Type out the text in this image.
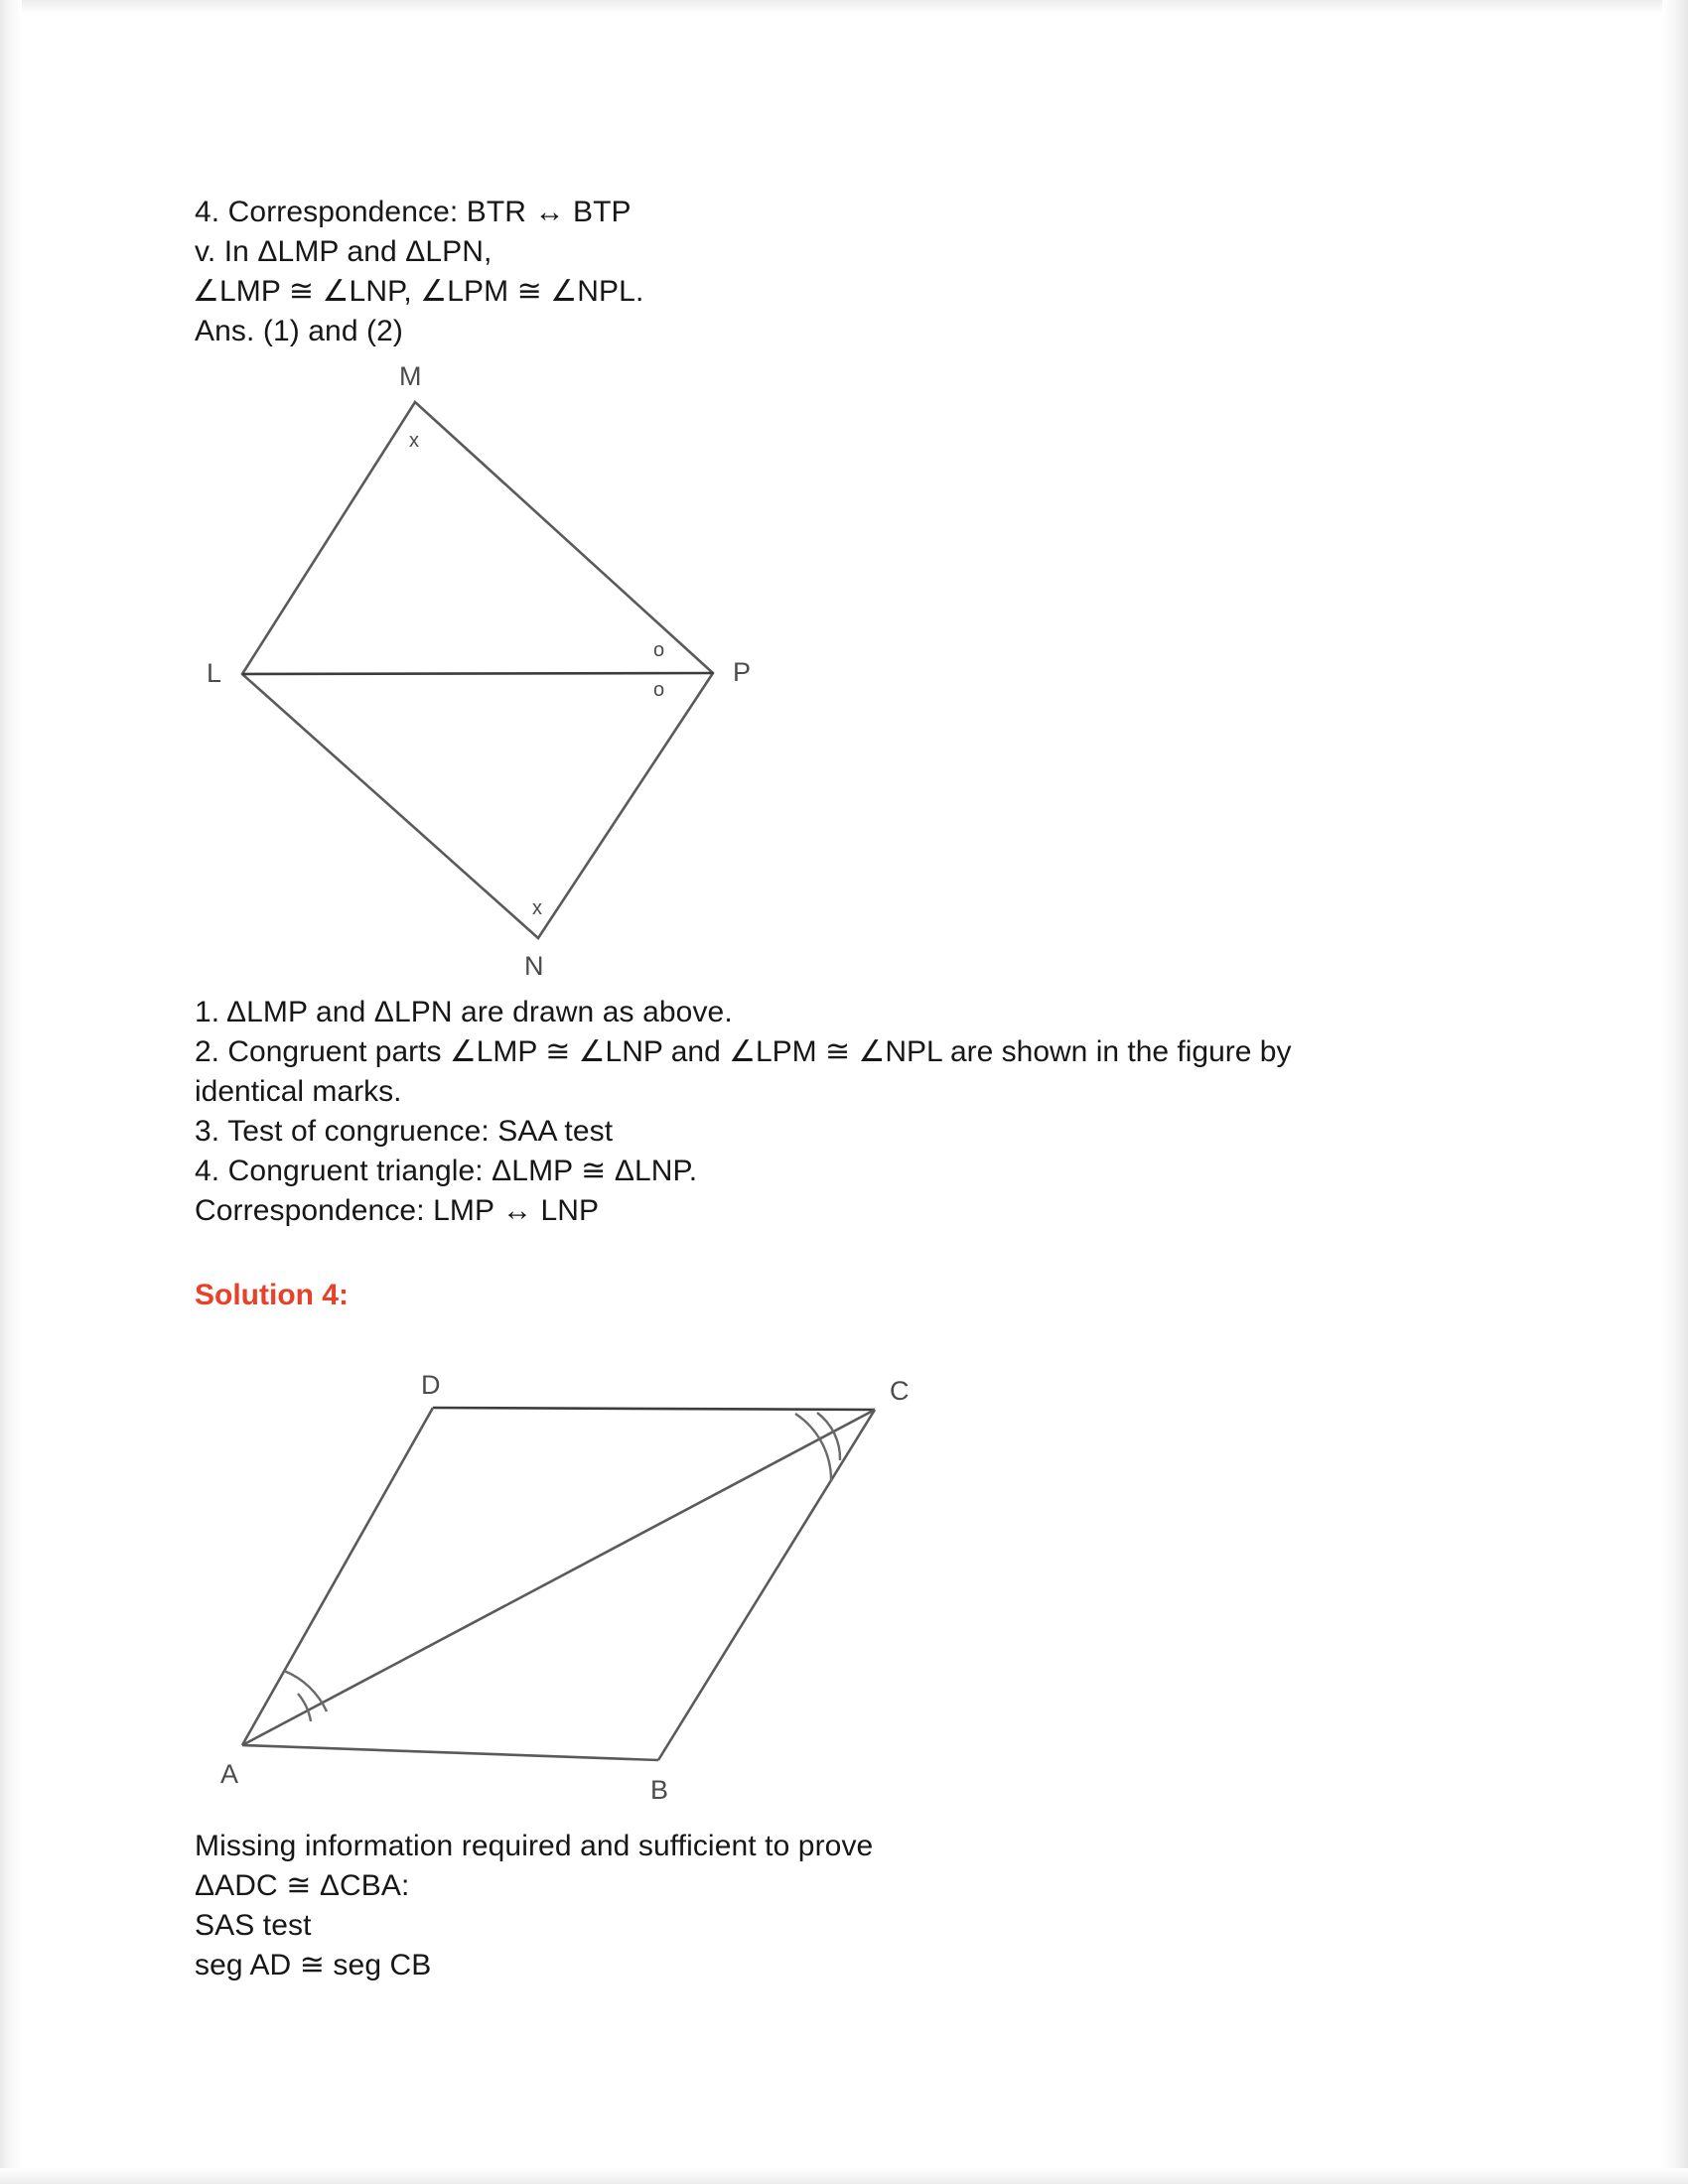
4. Correspondence: BTR ↔ BTP
v. In ΔLMP and ΔLPN,
∠LMP ≅ ∠LNP, ∠LPM ≅ ∠NPL.
Ans. (1) and (2)
M
L	P
N
x
x
o
o
1. ΔLMP and ΔLPN are drawn as above.
2. Congruent parts ∠LMP ≅ ∠LNP and ∠LPM ≅ ∠NPL are shown in the figure by identical marks.
3. Test of congruence: SAA test
4. Congruent triangle: ΔLMP ≅ ΔLNP.
Correspondence: LMP ↔ LNP
Solution 4:
D	C
A
B
Missing information required and sufficient to prove
ΔADC ≅ ΔCBA:
SAS test
seg AD ≅ seg CB
